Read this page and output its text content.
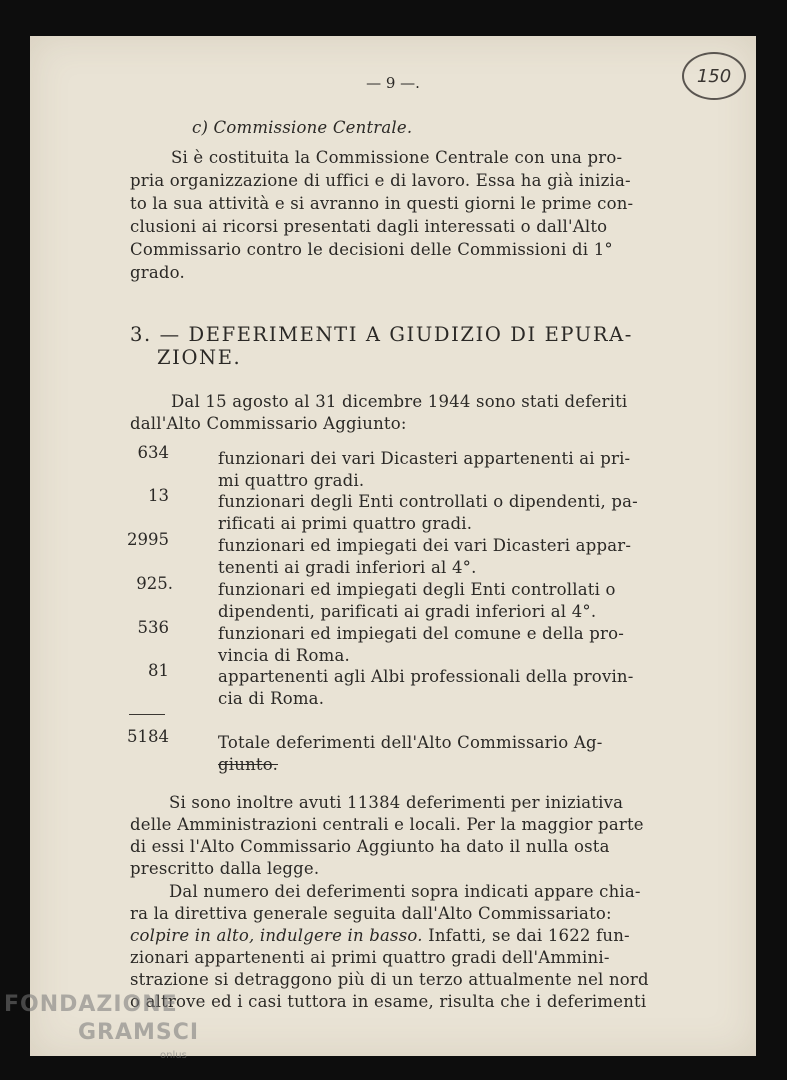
— 9 —.	150
c) Commissione Centrale.
Si è costituita la Commissione Centrale con una pro-
pria organizzazione di uffici e di lavoro. Essa ha già inizia-
to la sua attività e si avranno in questi giorni le prime con-
clusioni ai ricorsi presentati dagli interessati o dall'Alto
Commissario contro le decisioni delle Commissioni di 1°
grado.
3. — DEFERIMENTI A GIUDIZIO DI EPURA-
ZIONE.
Dal 15 agosto al 31 dicembre 1944 sono stati deferiti
dall'Alto Commissario Aggiunto:
634	funzionari dei vari Dicasteri appartenenti ai pri-
mi quattro gradi.
13	funzionari degli Enti controllati o dipendenti, pa-
rificati ai primi quattro gradi.
2995	funzionari ed impiegati dei vari Dicasteri appar-
tenenti ai gradi inferiori al 4°.
925.	funzionari ed impiegati degli Enti controllati o
dipendenti, parificati ai gradi inferiori al 4°.
536	funzionari ed impiegati del comune e della pro-
vincia di Roma.
81	appartenenti agli Albi professionali della provin-
cia di Roma.
5184	Totale deferimenti dell'Alto Commissario Ag-
giunto.
Si sono inoltre avuti 11384 deferimenti per iniziativa
delle Amministrazioni centrali e locali. Per la maggior parte
di essi l'Alto Commissario Aggiunto ha dato il nulla osta
prescritto dalla legge.
Dal numero dei deferimenti sopra indicati appare chia-
ra la direttiva generale seguita dall'Alto Commissariato:
colpire in alto, indulgere in basso. Infatti, se dai 1622 fun-
zionari appartenenti ai primi quattro gradi dell'Ammini-
strazione si detraggono più di un terzo attualmente nel nord
o altrove ed i casi tuttora in esame, risulta che i deferimenti
FONDAZIONE
GRAMSCI
onlus
